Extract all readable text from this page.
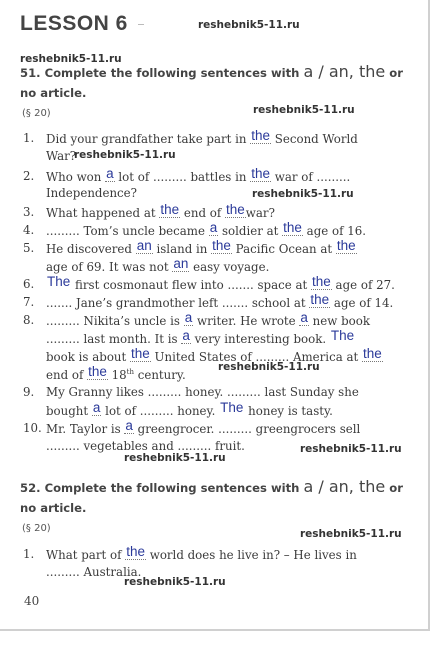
LESSON 6	reshebnik5-11.ru
reshebnik5-11.ru
51. Complete the following sentences with a / an, the or no article.
(§ 20)	reshebnik5-11.ru
1. Did your grandfather take part in the Second World
War?
reshebnik5-11.ru
2. Who won a lot of ......... battles in the war of .........
Independence?	reshebnik5-11.ru
3. What happened at the end of thewar?
4. ......... Tom’s uncle became a soldier at the age of 16.
5. He discovered an island in the Pacific Ocean at the
age of 69. It was not an easy voyage.
6. The first cosmonaut flew into ....... space at the age of 27.
7. ....... Jane’s grandmother left ....... school at the age of 14.
8. ......... Nikita’s uncle is a writer. He wrote a new book
......... last month. It is a very interesting book. The
book is about the United States of ......... America at the
end of the 18th century.
reshebnik5-11.ru
9. My Granny likes ......... honey. ......... last Sunday she
bought a lot of ......... honey. The honey is tasty.
10. Mr. Taylor is a greengrocer. ......... greengrocers sell
......... vegetables and ......... fruit.	reshebnik5-11.ru
reshebnik5-11.ru
52. Complete the following sentences with a / an, the or no article.
(§ 20)	reshebnik5-11.ru
1. What part of the world does he live in? – He lives in
......... Australia.
reshebnik5-11.ru
40
